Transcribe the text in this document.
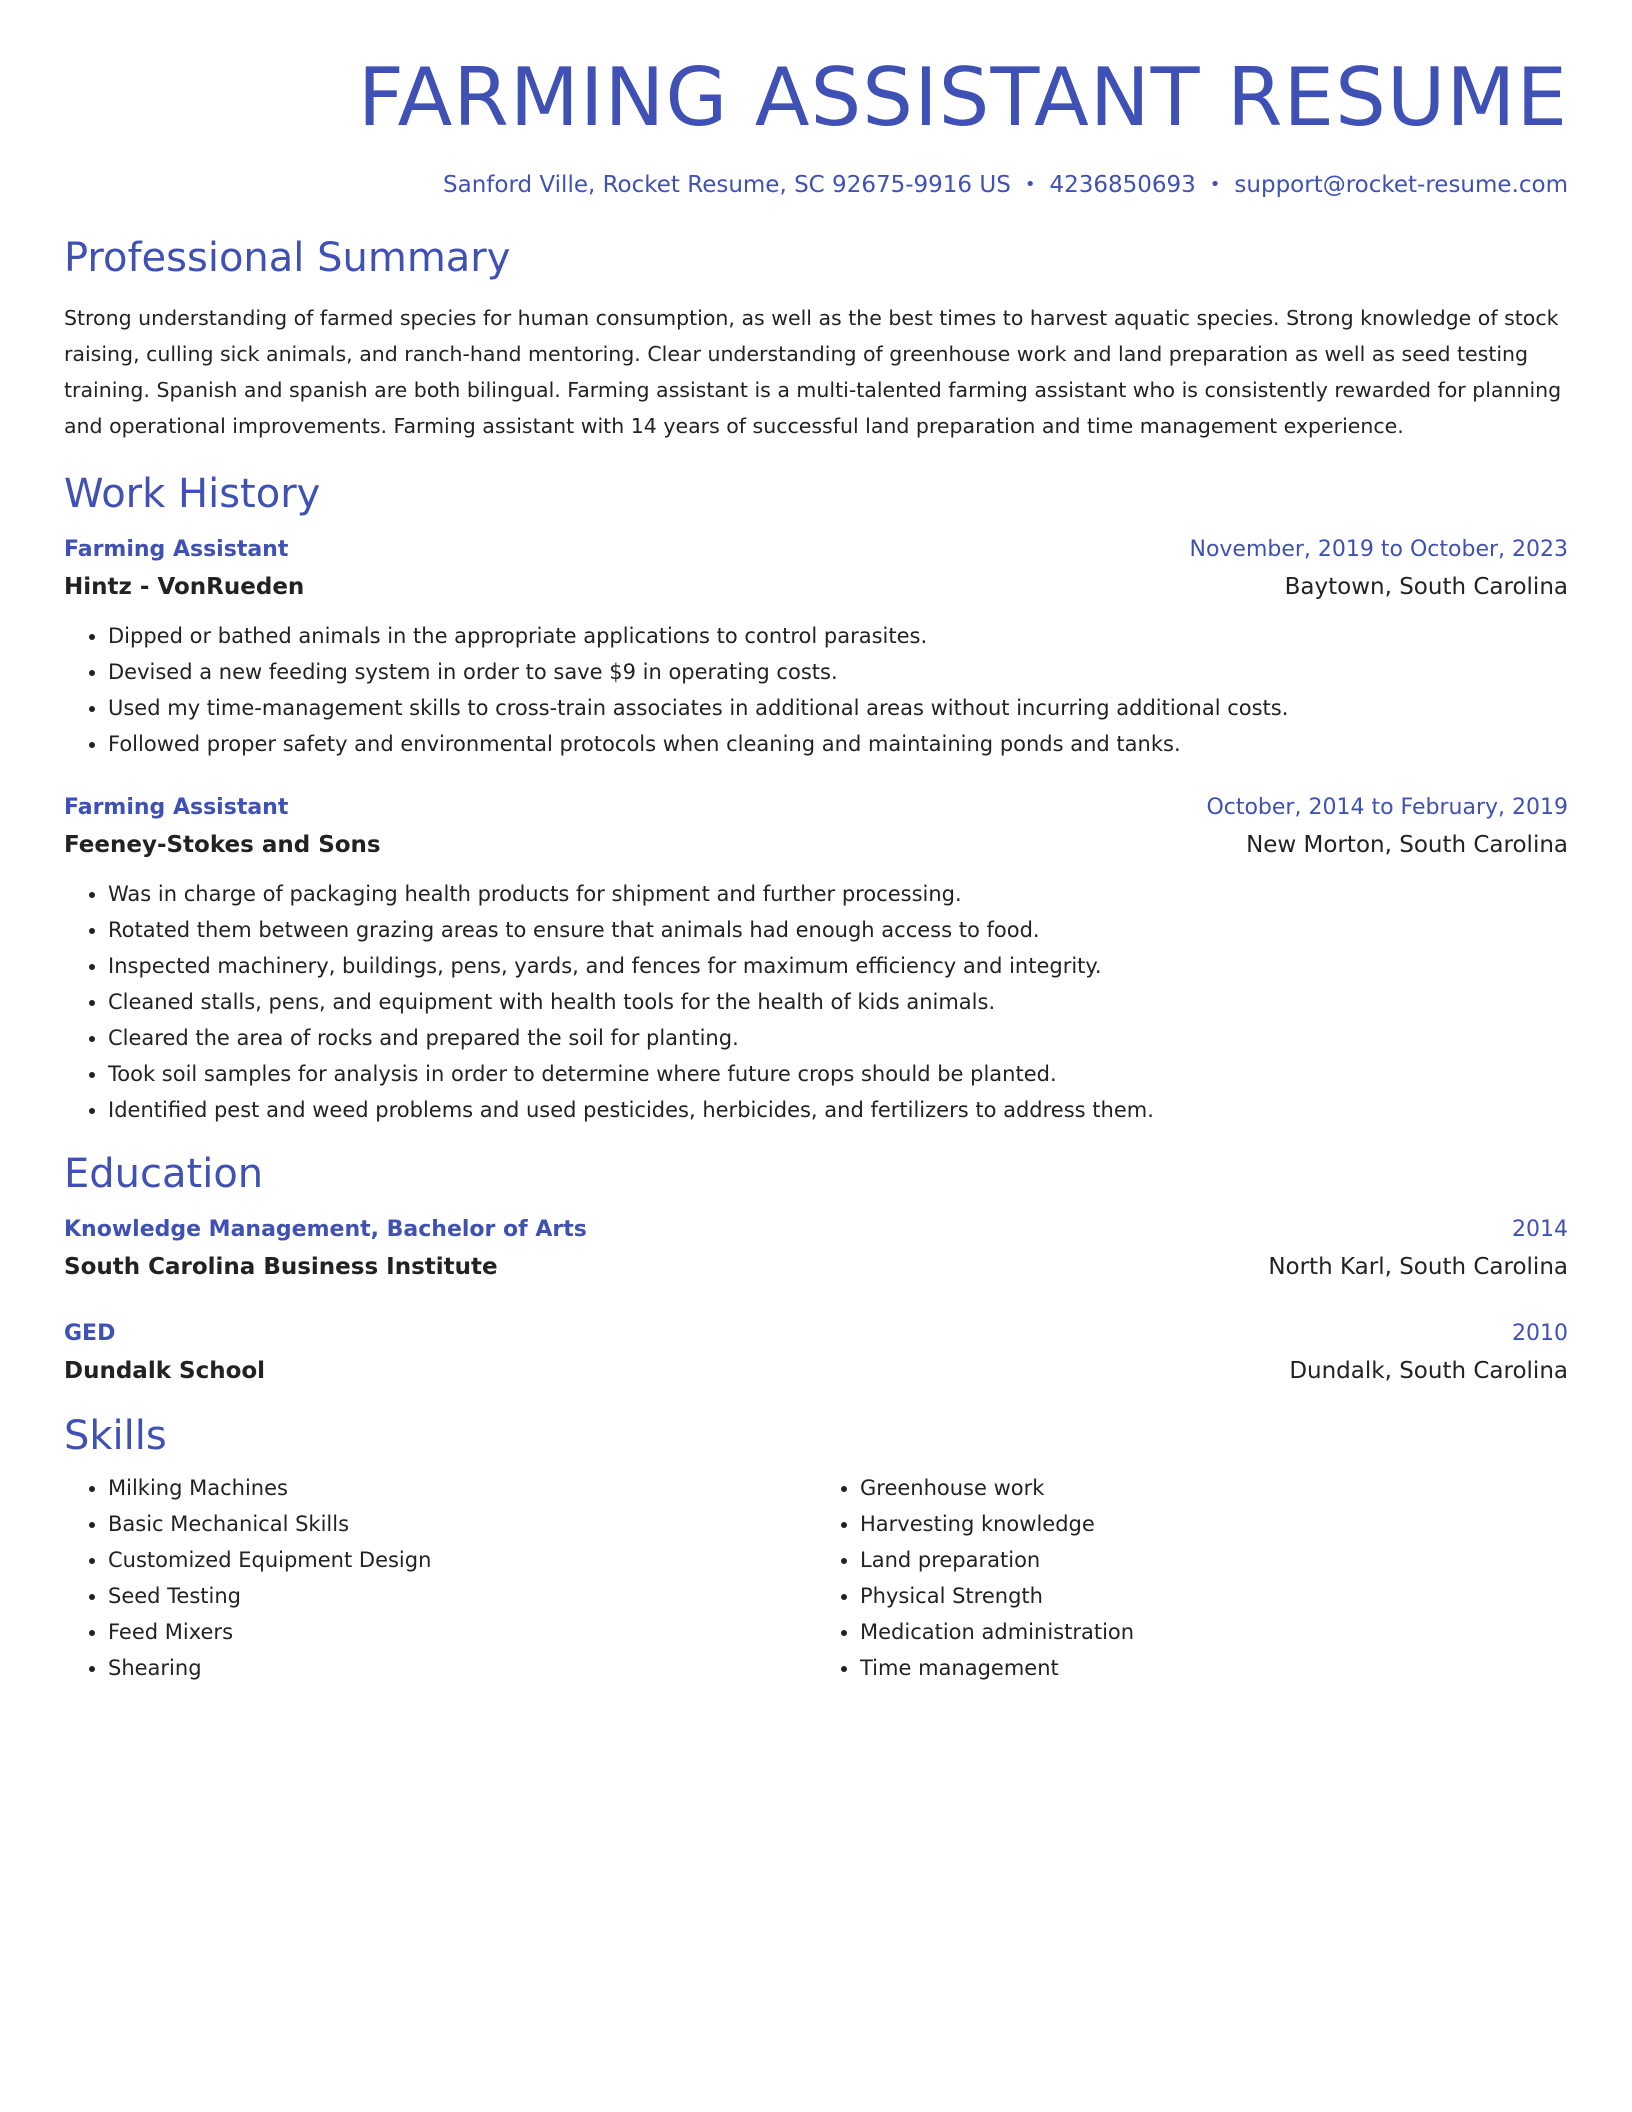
FARMING ASSISTANT RESUME
Sanford Ville, Rocket Resume, SC 92675-9916 US • 4236850693 • support@rocket-resume.com
Professional Summary

Strong understanding of farmed species for human consumption, as well as the best times to harvest aquatic species. Strong knowledge of stock raising, culling sick animals, and ranch-hand mentoring. Clear understanding of greenhouse work and land preparation as well as seed testing training. Spanish and spanish are both bilingual. Farming assistant is a multi-talented farming assistant who is consistently rewarded for planning and operational improvements. Farming assistant with 14 years of successful land preparation and time management experience.

Work History
Farming Assistant	November, 2019 to October, 2023
Hintz - VonRueden	Baytown, South Carolina
• Dipped or bathed animals in the appropriate applications to control parasites.
• Devised a new feeding system in order to save $9 in operating costs.
• Used my time-management skills to cross-train associates in additional areas without incurring additional costs.
• Followed proper safety and environmental protocols when cleaning and maintaining ponds and tanks.
Farming Assistant	October, 2014 to February, 2019
Feeney-Stokes and Sons	New Morton, South Carolina
• Was in charge of packaging health products for shipment and further processing.
• Rotated them between grazing areas to ensure that animals had enough access to food.
• Inspected machinery, buildings, pens, yards, and fences for maximum efficiency and integrity.
• Cleaned stalls, pens, and equipment with health tools for the health of kids animals.
• Cleared the area of rocks and prepared the soil for planting.
• Took soil samples for analysis in order to determine where future crops should be planted.
• Identified pest and weed problems and used pesticides, herbicides, and fertilizers to address them.
Education
Knowledge Management, Bachelor of Arts	2014
South Carolina Business Institute	North Karl, South Carolina
GED	2010
Dundalk School	Dundalk, South Carolina
Skills
• Milking Machines
• Basic Mechanical Skills
• Customized Equipment Design
• Seed Testing
• Feed Mixers
• Shearing
• Greenhouse work
• Harvesting knowledge
• Land preparation
• Physical Strength
• Medication administration
• Time management
